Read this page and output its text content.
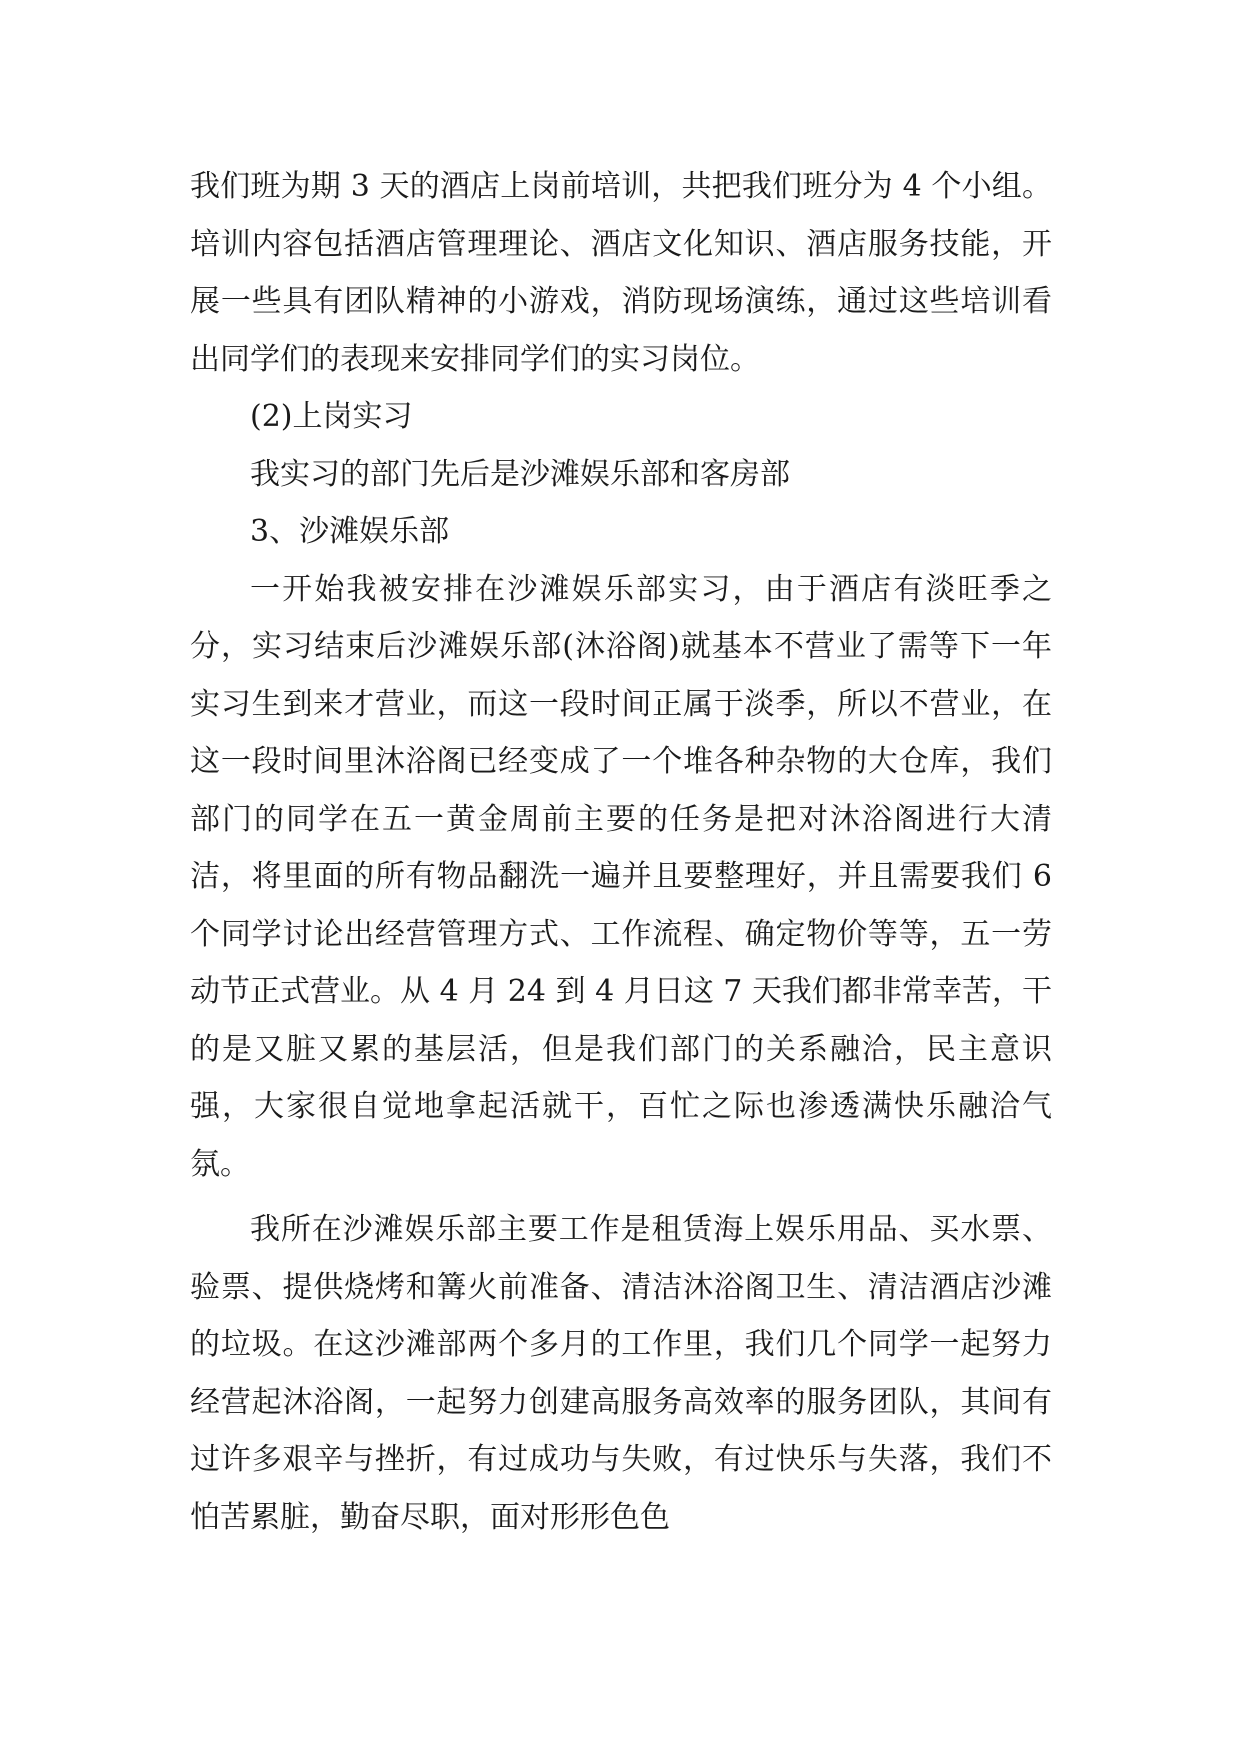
我们班为期 3 天的酒店上岗前培训，共把我们班分为 4 个小组。培训内容包括酒店管理理论、酒店文化知识、酒店服务技能，开展一些具有团队精神的小游戏，消防现场演练，通过这些培训看出同学们的表现来安排同学们的实习岗位。

(2)上岗实习

我实习的部门先后是沙滩娱乐部和客房部

3、沙滩娱乐部

一开始我被安排在沙滩娱乐部实习，由于酒店有淡旺季之分，实习结束后沙滩娱乐部(沐浴阁)就基本不营业了需等下一年实习生到来才营业，而这一段时间正属于淡季，所以不营业，在这一段时间里沐浴阁已经变成了一个堆各种杂物的大仓库，我们部门的同学在五一黄金周前主要的任务是把对沐浴阁进行大清洁，将里面的所有物品翻洗一遍并且要整理好，并且需要我们 6 个同学讨论出经营管理方式、工作流程、确定物价等等，五一劳动节正式营业。从 4 月 24 到 4 月日这 7 天我们都非常幸苦，干的是又脏又累的基层活，但是我们部门的关系融洽，民主意识强，大家很自觉地拿起活就干，百忙之际也渗透满快乐融洽气氛。

我所在沙滩娱乐部主要工作是租赁海上娱乐用品、买水票、验票、提供烧烤和篝火前准备、清洁沐浴阁卫生、清洁酒店沙滩的垃圾。在这沙滩部两个多月的工作里，我们几个同学一起努力经营起沐浴阁，一起努力创建高服务高效率的服务团队，其间有过许多艰辛与挫折，有过成功与失败，有过快乐与失落，我们不怕苦累脏，勤奋尽职，面对形形色色
